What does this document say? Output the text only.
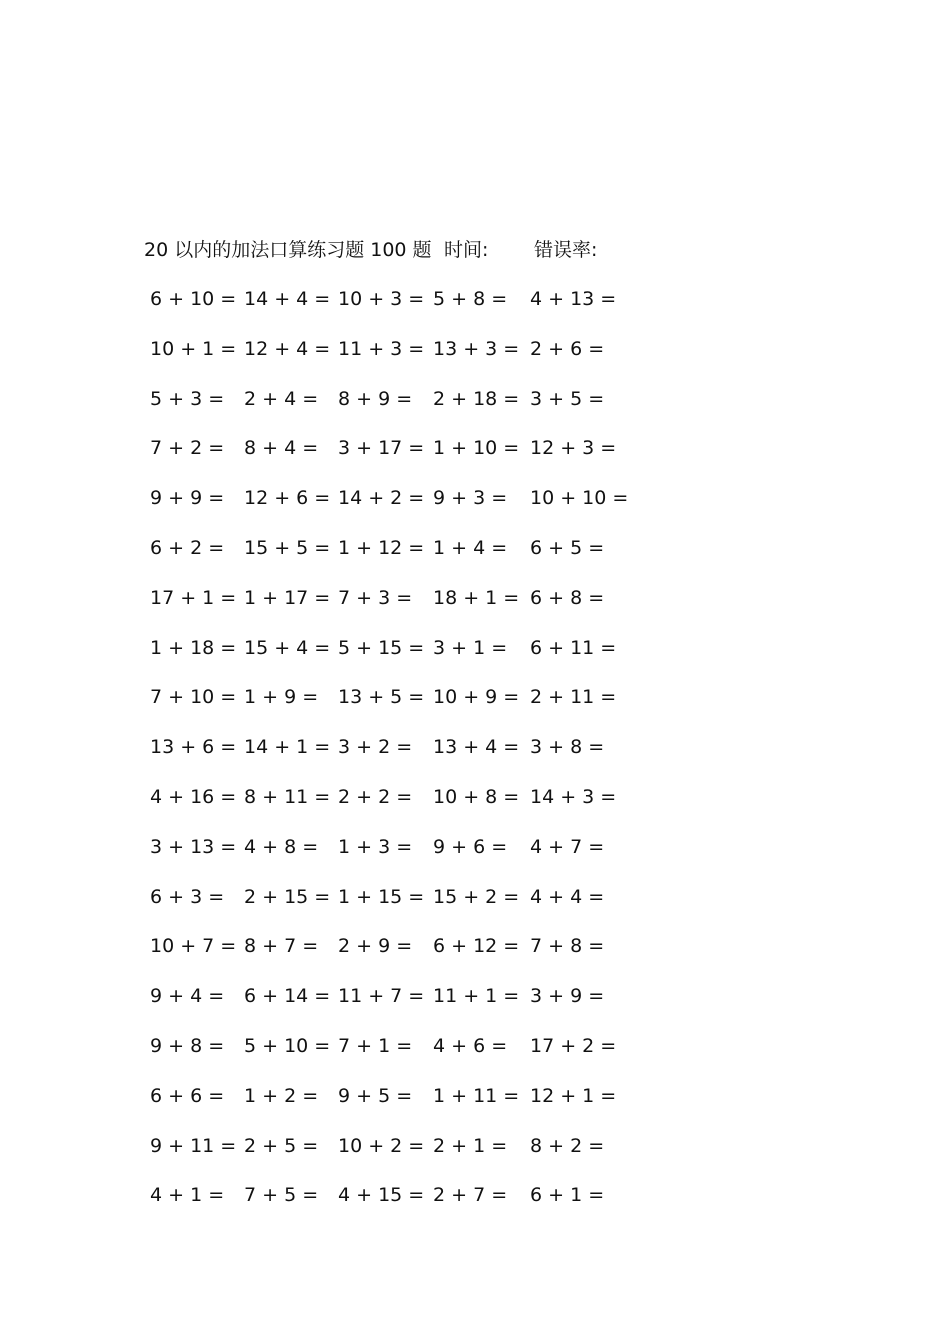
20 以内的加法口算练习题 100 题 时间: 错误率:
6 + 10 = 14 + 4 = 10 + 3 = 5 + 8 = 4 + 13 =
10 + 1 = 12 + 4 = 11 + 3 = 13 + 3 = 2 + 6 =
5 + 3 = 2 + 4 = 8 + 9 = 2 + 18 = 3 + 5 =
7 + 2 = 8 + 4 = 3 + 17 = 1 + 10 = 12 + 3 =
9 + 9 = 12 + 6 = 14 + 2 = 9 + 3 = 10 + 10 =
6 + 2 = 15 + 5 = 1 + 12 = 1 + 4 = 6 + 5 =
17 + 1 = 1 + 17 = 7 + 3 = 18 + 1 = 6 + 8 =
1 + 18 = 15 + 4 = 5 + 15 = 3 + 1 = 6 + 11 =
7 + 10 = 1 + 9 = 13 + 5 = 10 + 9 = 2 + 11 =
13 + 6 = 14 + 1 = 3 + 2 = 13 + 4 = 3 + 8 =
4 + 16 = 8 + 11 = 2 + 2 = 10 + 8 = 14 + 3 =
3 + 13 = 4 + 8 = 1 + 3 = 9 + 6 = 4 + 7 =
6 + 3 = 2 + 15 = 1 + 15 = 15 + 2 = 4 + 4 =
10 + 7 = 8 + 7 = 2 + 9 = 6 + 12 = 7 + 8 =
9 + 4 = 6 + 14 = 11 + 7 = 11 + 1 = 3 + 9 =
9 + 8 = 5 + 10 = 7 + 1 = 4 + 6 = 17 + 2 =
6 + 6 = 1 + 2 = 9 + 5 = 1 + 11 = 12 + 1 =
9 + 11 = 2 + 5 = 10 + 2 = 2 + 1 = 8 + 2 =
4 + 1 = 7 + 5 = 4 + 15 = 2 + 7 = 6 + 1 =
